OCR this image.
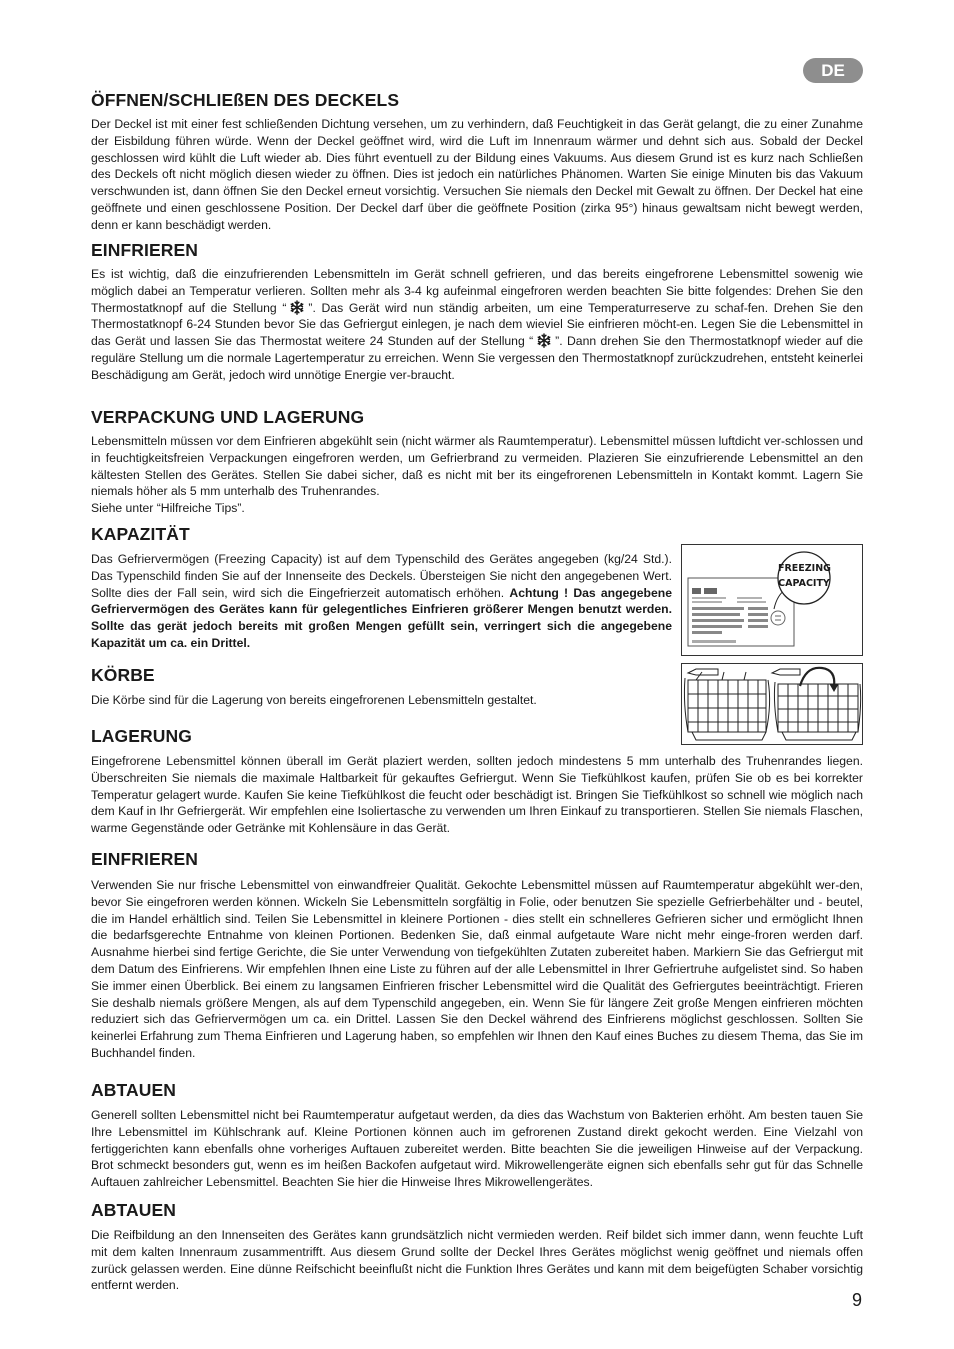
DE
ÖFFNEN/SCHLIEßEN DES DECKELS

Der Deckel ist mit einer fest schließenden Dichtung versehen, um zu verhindern, daß Feuchtigkeit in das Gerät gelangt, die zu einer Zunahme der Eisbildung führen würde. Wenn der Deckel geöffnet wird, wird die Luft im Innenraum wärmer und dehnt sich aus. Sobald der Deckel geschlossen wird kühlt die Luft wieder ab. Dies führt eventuell zu der Bildung eines Vakuums. Aus diesem Grund ist es kurz nach Schließen des Deckels oft nicht möglich diesen wieder zu öffnen. Dies ist jedoch ein natürliches Phänomen. Warten Sie einige Minuten bis das Vakuum verschwunden ist, dann öffnen Sie den Deckel erneut vorsichtig. Versuchen Sie niemals den Deckel mit Gewalt zu öffnen. Der Deckel hat eine geöffnete und einen geschlossene Position. Der Deckel darf über die geöffnete Position (zirka 95°) hinaus gewaltsam nicht bewegt werden, denn er kann beschädigt werden.

EINFRIEREN

Es ist wichtig, daß die einzufrierenden Lebensmitteln im Gerät schnell gefrieren, und das bereits eingefrorene Lebensmittel sowenig wie möglich dabei an Temperatur verlieren. Sollten mehr als 3-4 kg aufeinmal eingefroren werden beachten Sie bitte folgendes: Drehen Sie den Thermostatknopf auf die Stellung “ ”. Das Gerät wird nun ständig arbeiten, um eine Temperaturreserve zu schaf-fen. Drehen Sie den Thermostatknopf 6-24 Stunden bevor Sie das Gefriergut einlegen, je nach dem wieviel Sie einfrieren möcht-en. Legen Sie die Lebensmittel in das Gerät und lassen Sie das Thermostat weitere 24 Stunden auf der Stellung “ ”. Dann drehen Sie den Thermostatknopf wieder auf die reguläre Stellung um die normale Lagertemperatur zu erreichen. Wenn Sie vergessen den Thermostatknopf zurückzudrehen, entsteht keinerlei Beschädigung am Gerät, jedoch wird unnötige Energie ver-braucht.

VERPACKUNG UND LAGERUNG

Lebensmitteln müssen vor dem Einfrieren abgekühlt sein (nicht wärmer als Raumtemperatur). Lebensmittel müssen luftdicht ver-schlossen und in feuchtigkeitsfreien Verpackungen eingefroren werden, um Gefrierbrand zu vermeiden. Plazieren Sie einzufrierende Lebensmittel an den kältesten Stellen des Gerätes. Stellen Sie dabei sicher, daß es nicht mit ber its eingefrorenen Lebensmitteln in Kontakt kommt. Lagern Sie niemals höher als 5 mm unterhalb des Truhenrandes.
Siehe unter “Hilfreiche Tips”.

KAPAZITÄT

Das Gefriervermögen (Freezing Capacity) ist auf dem Typenschild des Gerätes angegeben (kg/24 Std.). Das Typenschild finden Sie auf der Innenseite des Deckels. Übersteigen Sie nicht den angegebenen Wert. Sollte dies der Fall sein, wird sich die Eingefrierzeit automatisch erhöhen. Achtung ! Das angegebene Gefriervermögen des Gerätes kann für gelegentliches Einfrieren größerer Mengen benutzt werden. Sollte das gerät jedoch bereits mit großen Mengen gefüllt sein, verringert sich die angegebene Kapazität um ca. ein Drittel.

FREEZING
CAPACITY
KÖRBE

Die Körbe sind für die Lagerung von bereits eingefrorenen Lebensmitteln gestaltet.

LAGERUNG

Eingefrorene Lebensmittel können überall im Gerät plaziert werden, sollten jedoch mindestens 5 mm unterhalb des Truhenrandes liegen. Überschreiten Sie niemals die maximale Haltbarkeit für gekauftes Gefriergut. Wenn Sie Tiefkühlkost kaufen, prüfen Sie ob es bei korrekter Temperatur gelagert wurde. Kaufen Sie keine Tiefkühlkost die feucht oder beschädigt ist. Bringen Sie Tiefkühlkost so schnell wie möglich nach dem Kauf in Ihr Gefriergerät. Wir empfehlen eine Isoliertasche zu verwenden um Ihren Einkauf zu transportieren. Stellen Sie niemals Flaschen, warme Gegenstände oder Getränke mit Kohlensäure in das Gerät.

EINFRIEREN

Verwenden Sie nur frische Lebensmittel von einwandfreier Qualität. Gekochte Lebensmittel müssen auf Raumtemperatur abgekühlt wer-den, bevor Sie eingefroren werden können. Wickeln Sie Lebensmitteln sorgfältig in Folie, oder benutzen Sie spezielle Gefrierbehälter und - beutel, die im Handel erhältlich sind. Teilen Sie Lebensmittel in kleinere Portionen - dies stellt ein schnelleres Gefrieren sicher und ermöglicht Ihnen die bedarfsgerechte Entnahme von kleinen Portionen. Bedenken Sie, daß einmal aufgetaute Ware nicht mehr einge-froren werden darf. Ausnahme hierbei sind fertige Gerichte, die Sie unter Verwendung von tiefgekühlten Zutaten zubereitet haben. Markiern Sie das Gefriergut mit dem Datum des Einfrierens. Wir empfehlen Ihnen eine Liste zu führen auf der alle Lebensmittel in Ihrer Gefriertruhe aufgelistet sind. So haben Sie immer einen Überblick. Bei einem zu langsamen Einfrieren frischer Lebensmittel wird die Qualität des Gefriergutes beeinträchtigt. Frieren Sie deshalb niemals größere Mengen, als auf dem Typenschild angegeben, ein. Wenn Sie für längere Zeit große Mengen einfrieren möchten reduziert sich das Gefriervermögen um ca. ein Drittel. Lassen Sie den Deckel während des Einfrierens möglichst geschlossen. Sollten Sie keinerlei Erfahrung zum Thema Einfrieren und Lagerung haben, so empfehlen wir Ihnen den Kauf eines Buches zu diesem Thema, das Sie im Buchhandel finden.

ABTAUEN

Generell sollten Lebensmittel nicht bei Raumtemperatur aufgetaut werden, da dies das Wachstum von Bakterien erhöht. Am besten tauen Sie Ihre Lebensmittel im Kühlschrank auf. Kleine Portionen können auch im gefrorenen Zustand direkt gekocht werden. Eine Vielzahl von fertiggerichten kann ebenfalls ohne vorheriges Auftauen zubereitet werden. Bitte beachten Sie die jeweiligen Hinweise auf der Verpackung. Brot schmeckt besonders gut, wenn es im heißen Backofen aufgetaut wird. Mikrowellengeräte eignen sich ebenfalls sehr gut für das Schnelle Auftauen zahlreicher Lebensmittel. Beachten Sie hier die Hinweise Ihres Mikrowellengerätes.

ABTAUEN

Die Reifbildung an den Innenseiten des Gerätes kann grundsätzlich nicht vermieden werden. Reif bildet sich immer dann, wenn feuchte Luft mit dem kalten Innenraum zusammentrifft. Aus diesem Grund sollte der Deckel Ihres Gerätes möglichst wenig geöffnet und niemals offen zurück gelassen werden. Eine dünne Reifschicht beeinflußt nicht die Funktion Ihres Gerätes und kann mit dem beigefügten Schaber vorsichtig entfernt werden.

9
